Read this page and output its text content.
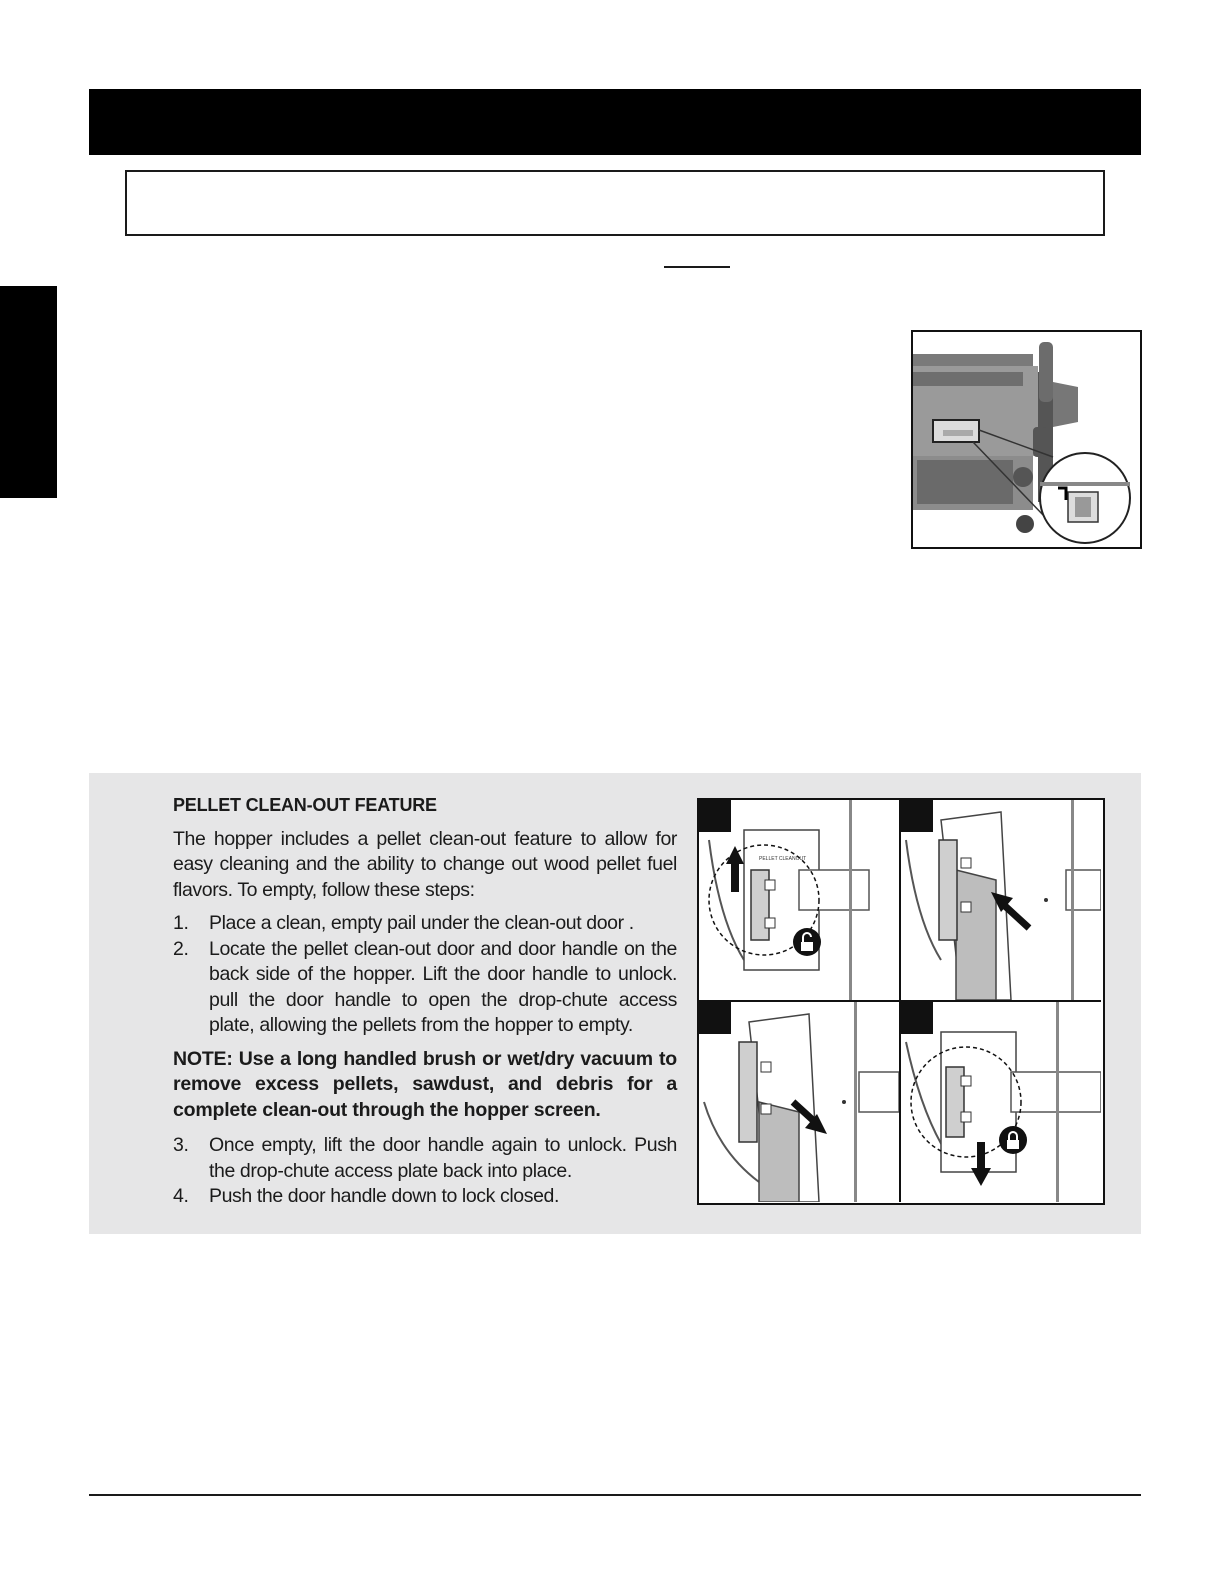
PELLET CLEAN-OUT FEATURE
The hopper includes a pellet clean-out feature to allow for easy cleaning and the ability to change out wood pellet fuel flavors. To empty, follow these steps:
1.	Place a clean, empty pail under the clean-out door .
2.	Locate the pellet clean-out door and door handle on the back side of the hopper. Lift the door handle to unlock. pull the door handle to open the drop-chute access plate, allowing the pellets from the hopper to empty.
NOTE: Use a long handled brush or wet/dry vacuum to remove excess pellets, sawdust, and debris for a complete clean-out through the hopper screen.
3.	Once empty, lift the door handle again to unlock. Push the drop-chute access plate back into place.
4.	Push the door handle down to lock closed.
PELLET CLEANOUT
